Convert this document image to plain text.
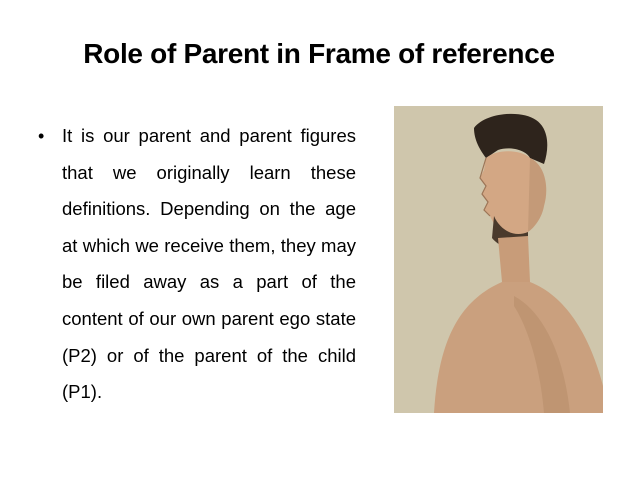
Role of Parent in Frame of reference
• It is our parent and parent figures that we originally learn these definitions. Depending on the age at which we receive them, they may be filed away as a part of the content of our own parent ego state (P2) or of the parent of the child (P1).
